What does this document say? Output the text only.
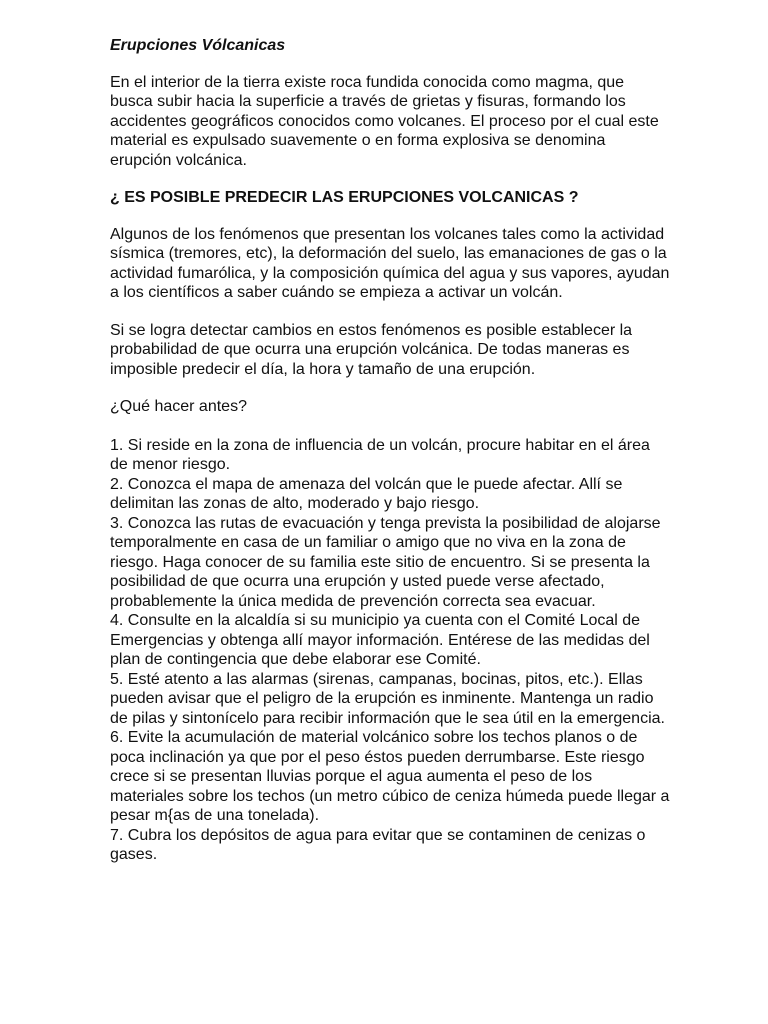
Erupciones Vólcanicas

En el interior de la tierra existe roca fundida conocida como magma, que busca subir hacia la superficie a través de grietas y fisuras, formando los accidentes geográficos conocidos como volcanes. El proceso por el cual este material es expulsado suavemente o en forma explosiva se denomina erupción volcánica.

¿ ES POSIBLE PREDECIR LAS ERUPCIONES VOLCANICAS ?

Algunos de los fenómenos que presentan los volcanes tales como la actividad sísmica (tremores, etc), la deformación del suelo, las emanaciones de gas o la actividad fumarólica, y la composición química del agua y sus vapores, ayudan a los científicos a saber cuándo se empieza a activar un volcán.

Si se logra detectar cambios en estos fenómenos es posible establecer la probabilidad de que ocurra una erupción volcánica. De todas maneras es imposible predecir el día, la hora y tamaño de una erupción.

¿Qué hacer antes?

1. Si reside en la zona de influencia de un volcán, procure habitar en el área de menor riesgo.
2. Conozca el mapa de amenaza del volcán que le puede afectar. Allí se delimitan las zonas de alto, moderado y bajo riesgo.
3. Conozca las rutas de evacuación y tenga prevista la posibilidad de alojarse temporalmente en casa de un familiar o amigo que no viva en la zona de riesgo. Haga conocer de su familia este sitio de encuentro. Si se presenta la posibilidad de que ocurra una erupción y usted puede verse afectado, probablemente la única medida de prevención correcta sea evacuar.
4. Consulte en la alcaldía si su municipio ya cuenta con el Comité Local de Emergencias y obtenga allí mayor información. Entérese de las medidas del plan de contingencia que debe elaborar ese Comité.
5. Esté atento a las alarmas (sirenas, campanas, bocinas, pitos, etc.). Ellas pueden avisar que el peligro de la erupción es inminente. Mantenga un radio de pilas y sintonícelo para recibir información que le sea útil en la emergencia.
6. Evite la acumulación de material volcánico sobre los techos planos o de poca inclinación ya que por el peso éstos pueden derrumbarse. Este riesgo crece si se presentan lluvias porque el agua aumenta el peso de los materiales sobre los techos (un metro cúbico de ceniza húmeda puede llegar a pesar m{as de una tonelada).
7. Cubra los depósitos de agua para evitar que se contaminen de cenizas o gases.
